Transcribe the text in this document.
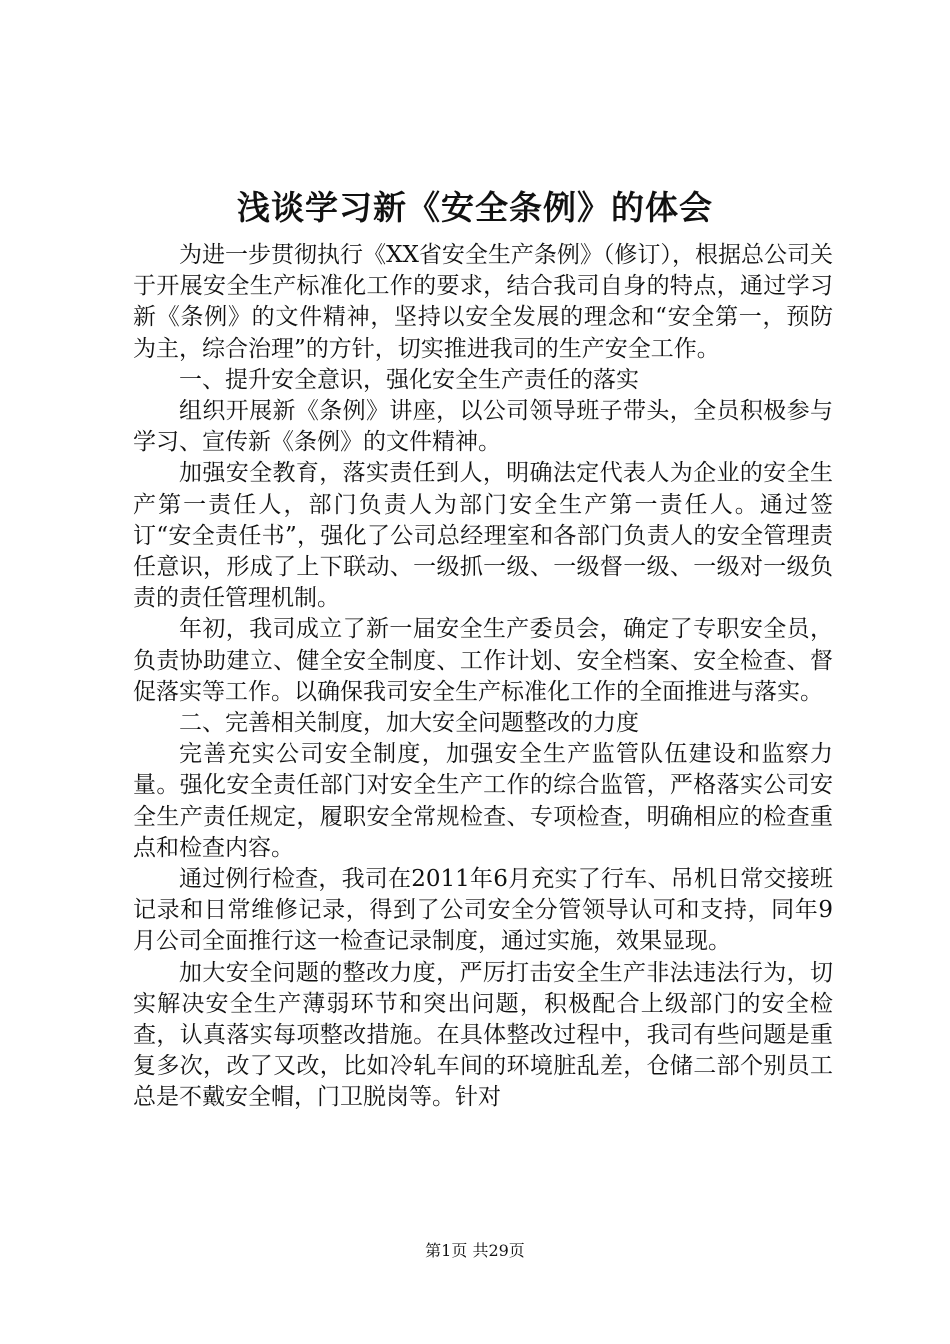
浅谈学习新《安全条例》的体会

为进一步贯彻执行《XX省安全生产条例》（修订），根据总公司关于开展安全生产标准化工作的要求，结合我司自身的特点，通过学习新《条例》的文件精神，坚持以安全发展的理念和“安全第一，预防为主，综合治理”的方针，切实推进我司的生产安全工作。

一、提升安全意识，强化安全生产责任的落实

组织开展新《条例》讲座，以公司领导班子带头，全员积极参与学习、宣传新《条例》的文件精神。

加强安全教育，落实责任到人，明确法定代表人为企业的安全生产第一责任人，部门负责人为部门安全生产第一责任人。通过签订“安全责任书”，强化了公司总经理室和各部门负责人的安全管理责任意识，形成了上下联动、一级抓一级、一级督一级、一级对一级负责的责任管理机制。

年初，我司成立了新一届安全生产委员会，确定了专职安全员，负责协助建立、健全安全制度、工作计划、安全档案、安全检查、督促落实等工作。以确保我司安全生产标准化工作的全面推进与落实。

二、完善相关制度，加大安全问题整改的力度

完善充实公司安全制度，加强安全生产监管队伍建设和监察力量。强化安全责任部门对安全生产工作的综合监管，严格落实公司安全生产责任规定，履职安全常规检查、专项检查，明确相应的检查重点和检查内容。

通过例行检查，我司在2011年6月充实了行车、吊机日常交接班记录和日常维修记录，得到了公司安全分管领导认可和支持，同年9月公司全面推行这一检查记录制度，通过实施，效果显现。

加大安全问题的整改力度，严厉打击安全生产非法违法行为，切实解决安全生产薄弱环节和突出问题，积极配合上级部门的安全检查，认真落实每项整改措施。在具体整改过程中，我司有些问题是重复多次，改了又改，比如冷轧车间的环境脏乱差，仓储二部个别员工总是不戴安全帽，门卫脱岗等。针对

第1页 共29页
